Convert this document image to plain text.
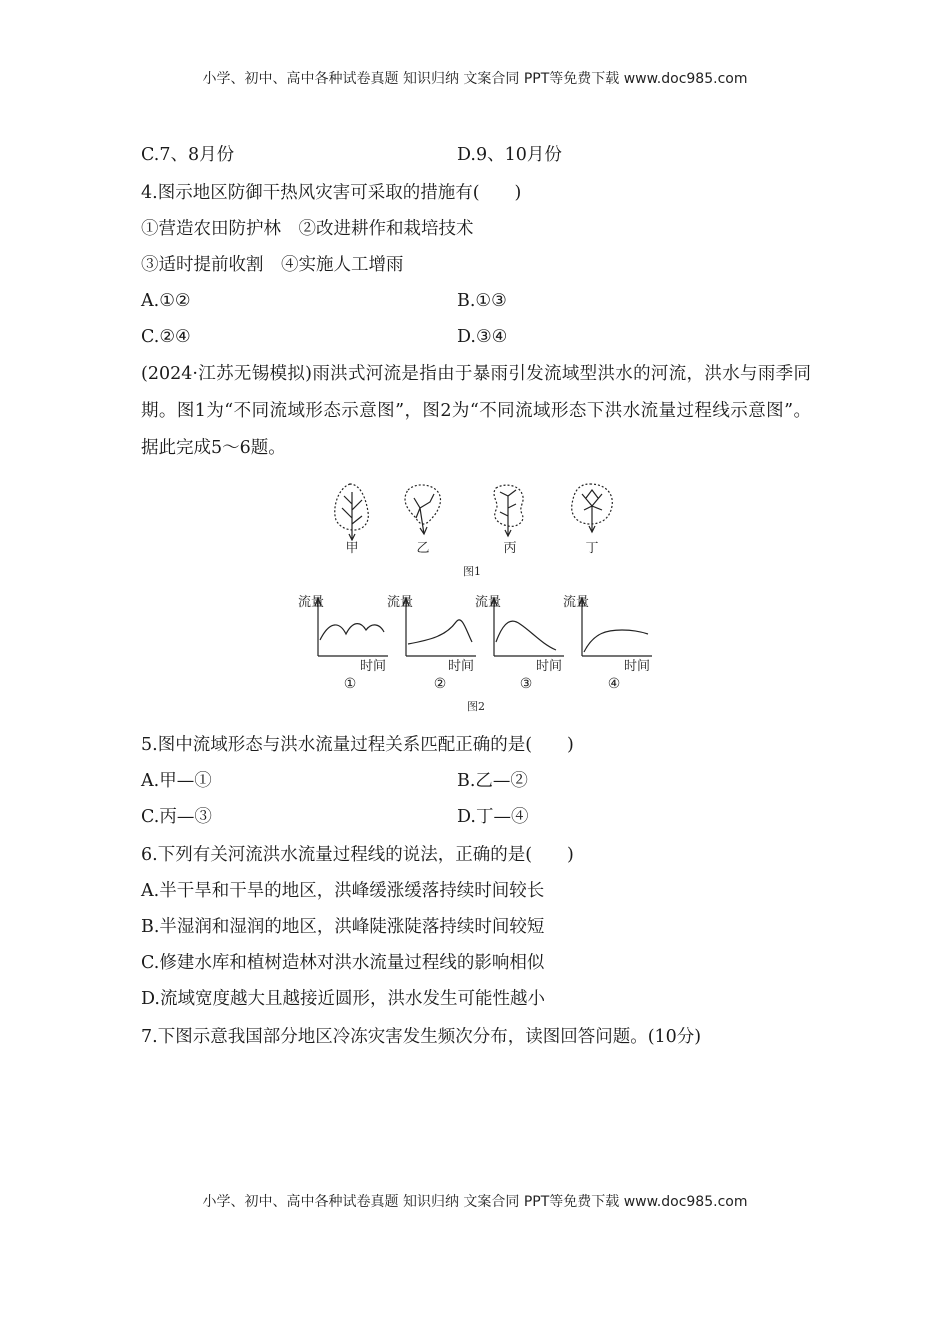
小学、初中、高中各种试卷真题 知识归纳 文案合同 PPT等免费下载 www.doc985.com
C.7、8月份	D.9、10月份
4.图示地区防御干热风灾害可采取的措施有(　　)
①营造农田防护林　②改进耕作和栽培技术
③适时提前收割　④实施人工增雨
A.①②	B.①③
C.②④	D.③④
(2024·江苏无锡模拟)雨洪式河流是指由于暴雨引发流域型洪水的河流，洪水与雨季同期。图1为“不同流域形态示意图”，图2为“不同流域形态下洪水流量过程线示意图”。据此完成5～6题。
甲	乙	丙	丁
图1
流量
时间
流量
时间
流量
时间
流量
时间
①	②	③	④
图2
5.图中流域形态与洪水流量过程关系匹配正确的是(　　)
A.甲—①	B.乙—②
C.丙—③	D.丁—④
6.下列有关河流洪水流量过程线的说法，正确的是(　　)
A.半干旱和干旱的地区，洪峰缓涨缓落持续时间较长
B.半湿润和湿润的地区，洪峰陡涨陡落持续时间较短
C.修建水库和植树造林对洪水流量过程线的影响相似
D.流域宽度越大且越接近圆形，洪水发生可能性越小
7.下图示意我国部分地区冷冻灾害发生频次分布，读图回答问题。(10分)
小学、初中、高中各种试卷真题 知识归纳 文案合同 PPT等免费下载 www.doc985.com
